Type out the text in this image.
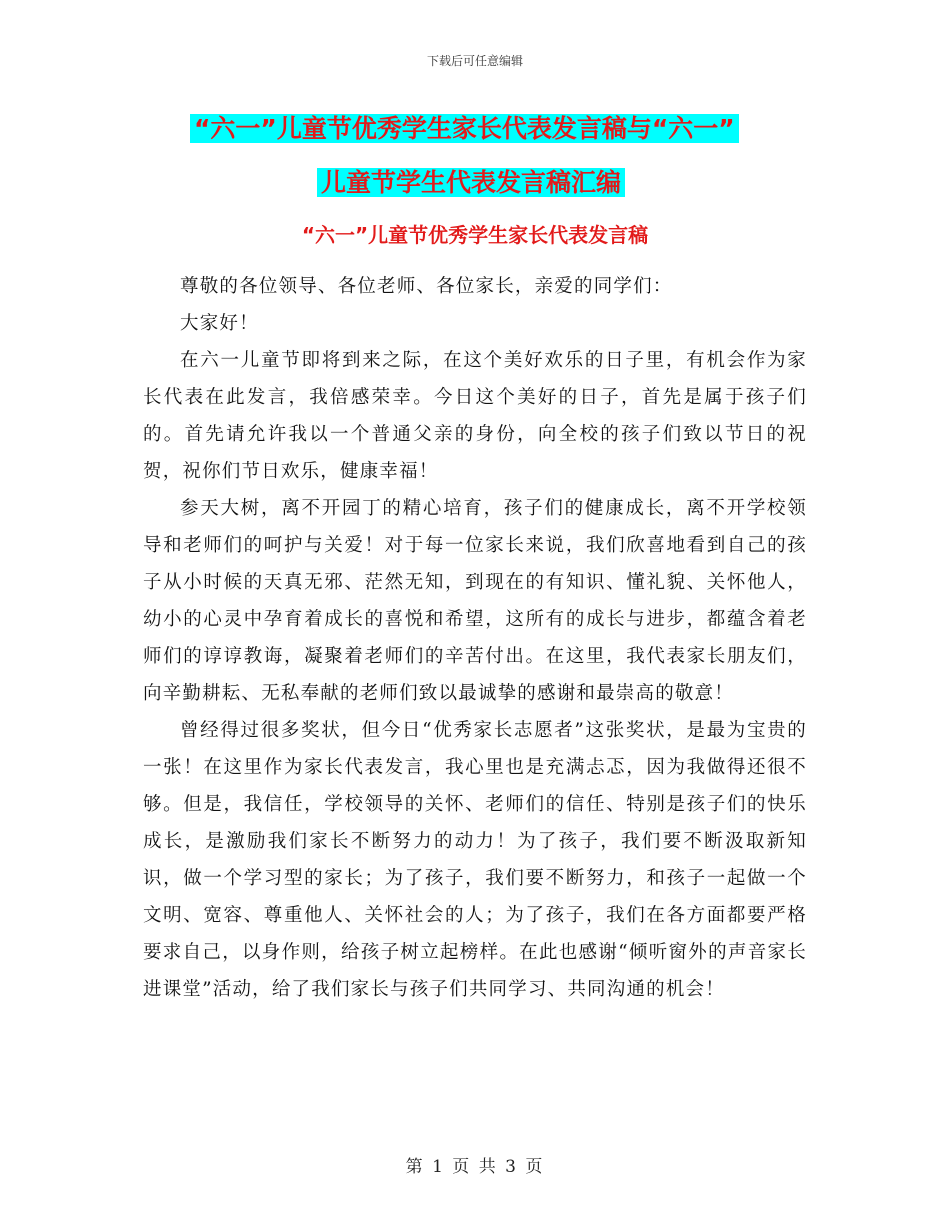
下载后可任意编辑
“六一”儿童节优秀学生家长代表发言稿与“六一”
儿童节学生代表发言稿汇编
“六一”儿童节优秀学生家长代表发言稿

尊敬的各位领导、各位老师、各位家长，亲爱的同学们：

大家好！

在六一儿童节即将到来之际，在这个美好欢乐的日子里，有机会作为家长代表在此发言，我倍感荣幸。今日这个美好的日子，首先是属于孩子们的。首先请允许我以一个普通父亲的身份，向全校的孩子们致以节日的祝贺，祝你们节日欢乐，健康幸福！

参天大树，离不开园丁的精心培育，孩子们的健康成长，离不开学校领导和老师们的呵护与关爱！对于每一位家长来说，我们欣喜地看到自己的孩子从小时候的天真无邪、茫然无知，到现在的有知识、懂礼貌、关怀他人，幼小的心灵中孕育着成长的喜悦和希望，这所有的成长与进步，都蕴含着老师们的谆谆教诲，凝聚着老师们的辛苦付出。在这里，我代表家长朋友们，向辛勤耕耘、无私奉献的老师们致以最诚挚的感谢和最崇高的敬意！

曾经得过很多奖状，但今日“优秀家长志愿者”这张奖状，是最为宝贵的一张！在这里作为家长代表发言，我心里也是充满忐忑，因为我做得还很不够。但是，我信任，学校领导的关怀、老师们的信任、特别是孩子们的快乐成长，是激励我们家长不断努力的动力！为了孩子，我们要不断汲取新知识，做一个学习型的家长；为了孩子，我们要不断努力，和孩子一起做一个文明、宽容、尊重他人、关怀社会的人；为了孩子，我们在各方面都要严格要求自己，以身作则，给孩子树立起榜样。在此也感谢“倾听窗外的声音家长进课堂”活动，给了我们家长与孩子们共同学习、共同沟通的机会！

第 1 页 共 3 页
